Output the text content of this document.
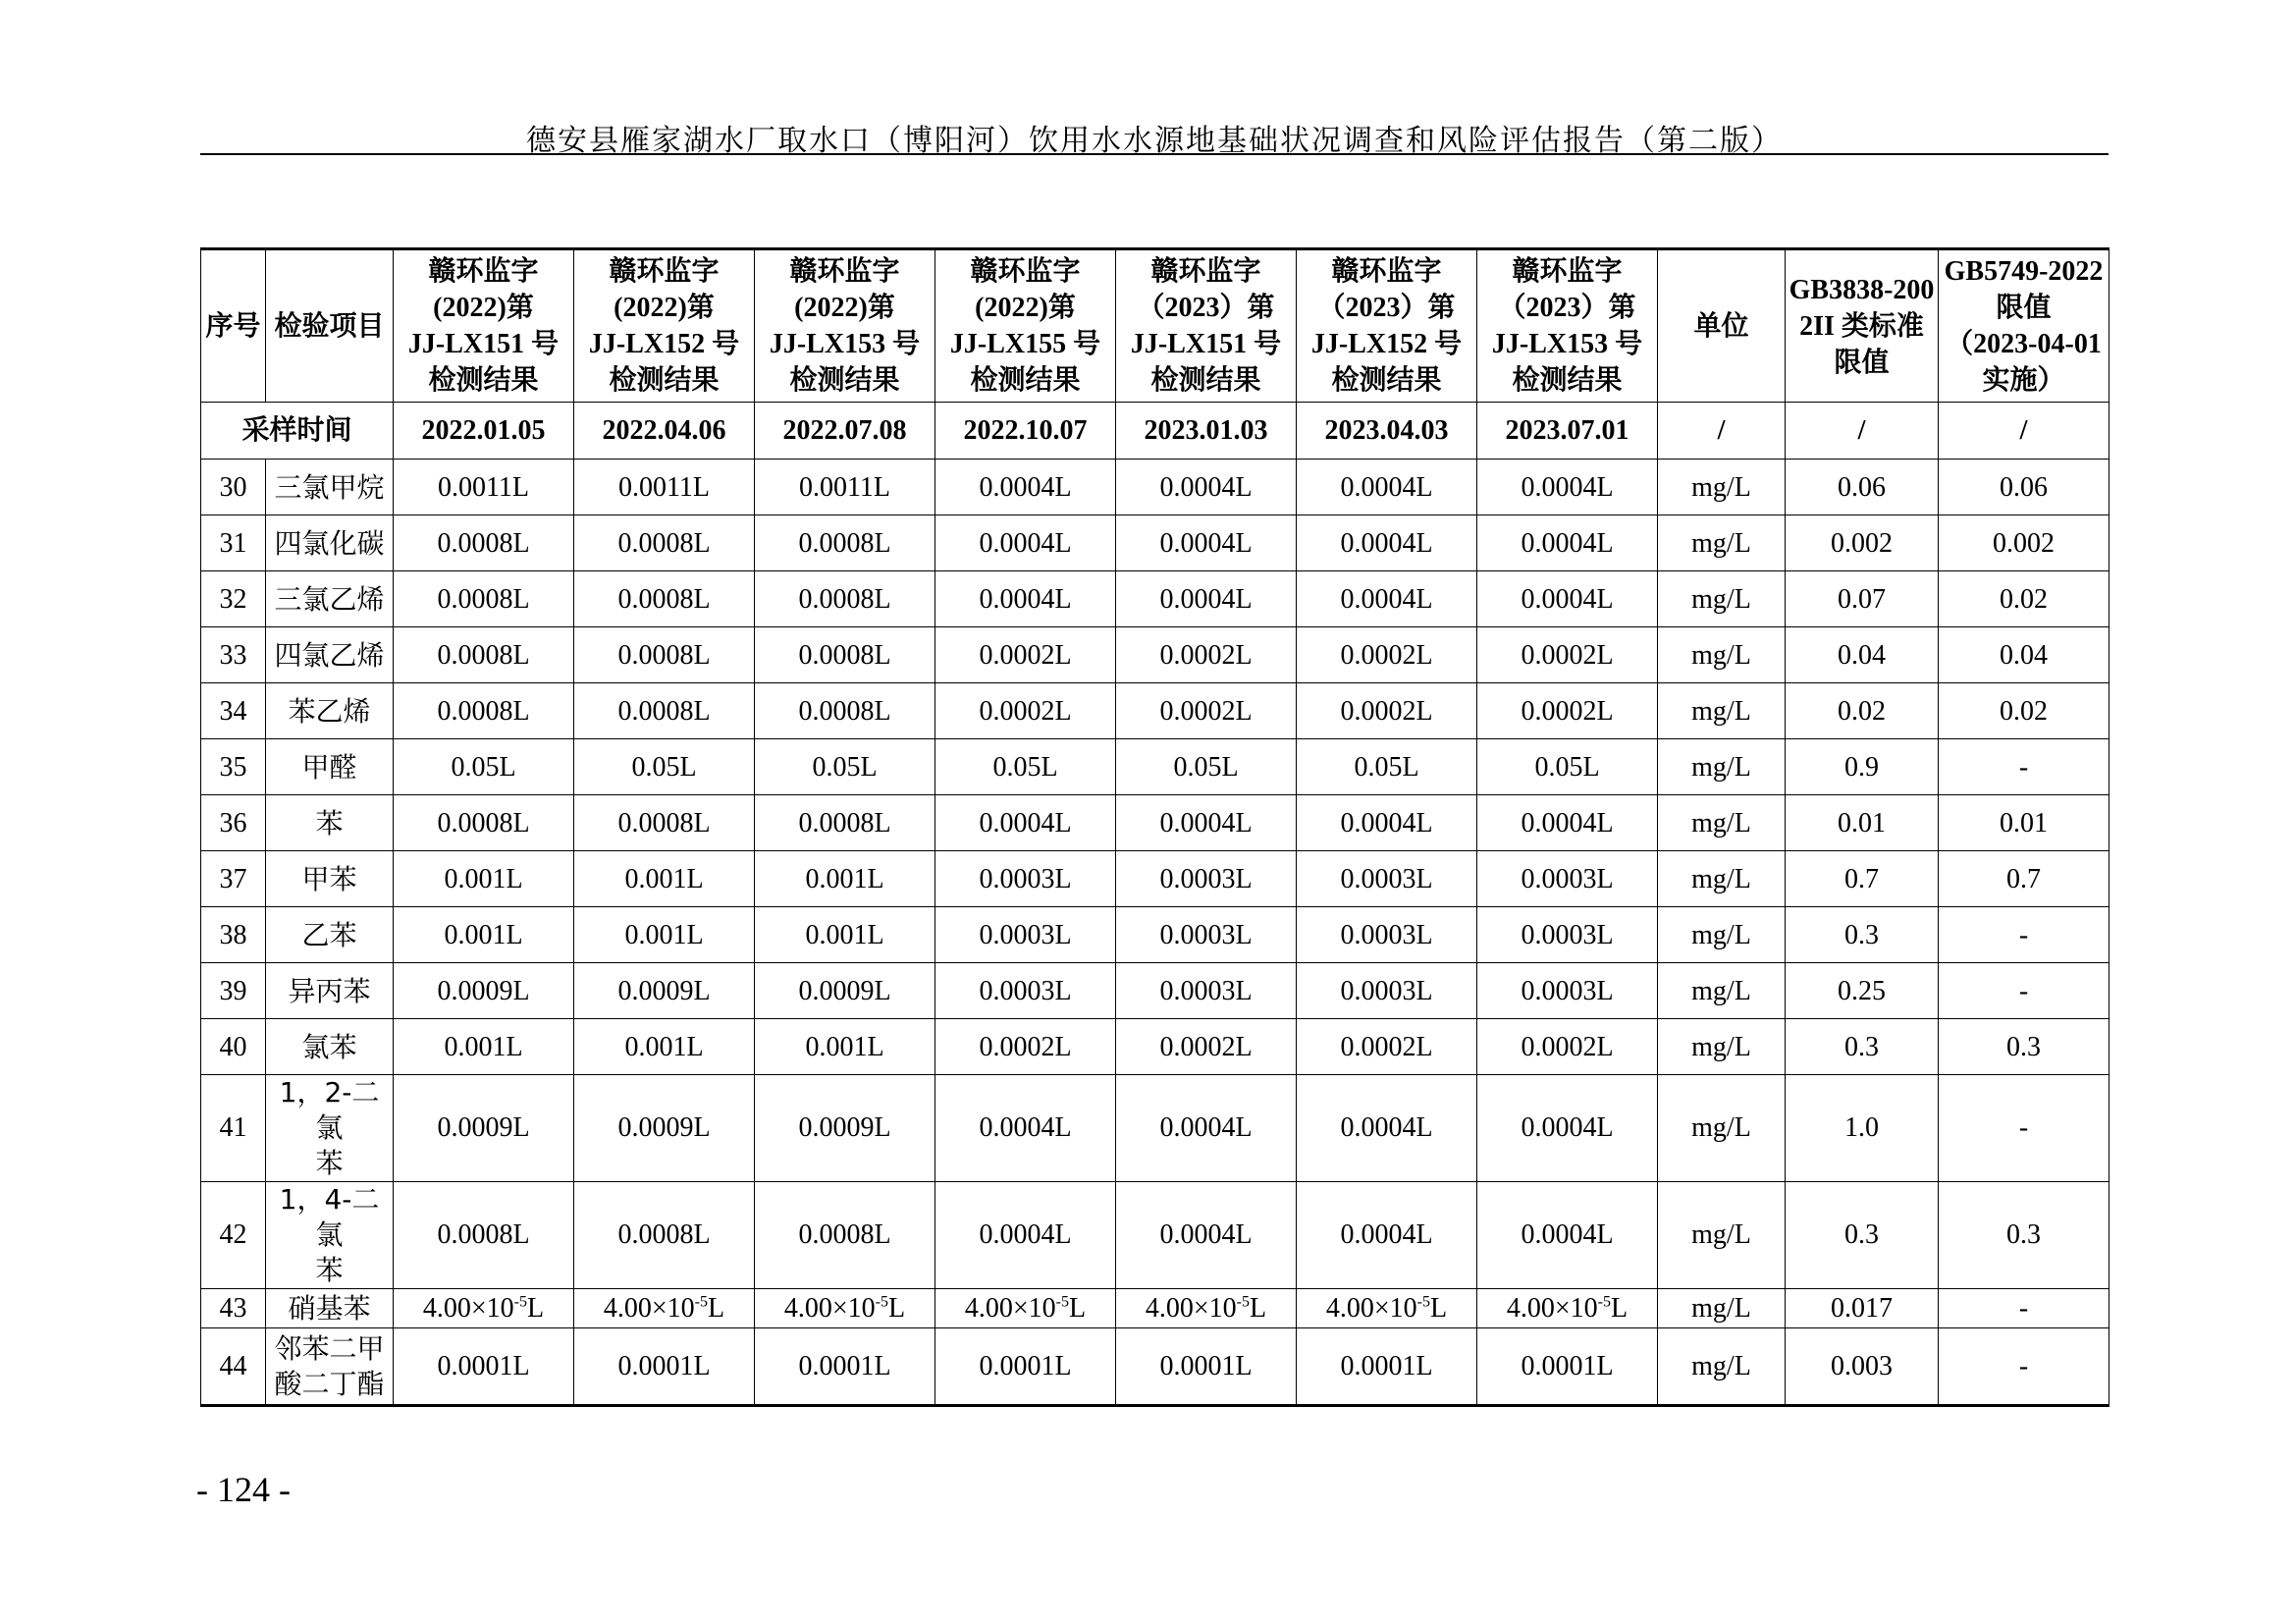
德安县雁家湖水厂取水口（博阳河）饮用水水源地基础状况调查和风险评估报告（第二版）
序号	检验项目	赣环监字
(2022)第
JJ-LX151 号
检测结果	赣环监字
(2022)第
JJ-LX152 号
检测结果	赣环监字
(2022)第
JJ-LX153 号
检测结果	赣环监字
(2022)第
JJ-LX155 号
检测结果	赣环监字
（2023）第
JJ-LX151 号
检测结果	赣环监字
（2023）第
JJ-LX152 号
检测结果	赣环监字
（2023）第
JJ-LX153 号
检测结果	单位	GB3838-200
2II 类标准
限值	GB5749-2022
限值
（2023-04-01
实施）
采样时间		2022.01.05	2022.04.06	2022.07.08	2022.10.07	2023.01.03	2023.04.03	2023.07.01	/	/	/
30	三氯甲烷	0.0011L	0.0011L	0.0011L	0.0004L	0.0004L	0.0004L	0.0004L	mg/L	0.06	0.06
31	四氯化碳	0.0008L	0.0008L	0.0008L	0.0004L	0.0004L	0.0004L	0.0004L	mg/L	0.002	0.002
32	三氯乙烯	0.0008L	0.0008L	0.0008L	0.0004L	0.0004L	0.0004L	0.0004L	mg/L	0.07	0.02
33	四氯乙烯	0.0008L	0.0008L	0.0008L	0.0002L	0.0002L	0.0002L	0.0002L	mg/L	0.04	0.04
34	苯乙烯	0.0008L	0.0008L	0.0008L	0.0002L	0.0002L	0.0002L	0.0002L	mg/L	0.02	0.02
35	甲醛	0.05L	0.05L	0.05L	0.05L	0.05L	0.05L	0.05L	mg/L	0.9	-
36	苯	0.0008L	0.0008L	0.0008L	0.0004L	0.0004L	0.0004L	0.0004L	mg/L	0.01	0.01
37	甲苯	0.001L	0.001L	0.001L	0.0003L	0.0003L	0.0003L	0.0003L	mg/L	0.7	0.7
38	乙苯	0.001L	0.001L	0.001L	0.0003L	0.0003L	0.0003L	0.0003L	mg/L	0.3	-
39	异丙苯	0.0009L	0.0009L	0.0009L	0.0003L	0.0003L	0.0003L	0.0003L	mg/L	0.25	-
40	氯苯	0.001L	0.001L	0.001L	0.0002L	0.0002L	0.0002L	0.0002L	mg/L	0.3	0.3
41	1，2-二氯
苯	0.0009L	0.0009L	0.0009L	0.0004L	0.0004L	0.0004L	0.0004L	mg/L	1.0	-
42	1，4-二氯
苯	0.0008L	0.0008L	0.0008L	0.0004L	0.0004L	0.0004L	0.0004L	mg/L	0.3	0.3
43	硝基苯	$4.00\times 10^{-5}L$	$4.00\times 10^{-5}L$	$4.00\times 10^{-5}L$	$4.00\times 10^{-5}L$	$4.00\times 10^{-5}L$	$4.00\times 10^{-5}L$	$4.00\times 10^{-5}L$	mg/L	0.017	-
44	邻苯二甲
酸二丁酯	0.0001L	0.0001L	0.0001L	0.0001L	0.0001L	0.0001L	0.0001L	mg/L	0.003	-
- 124 -
